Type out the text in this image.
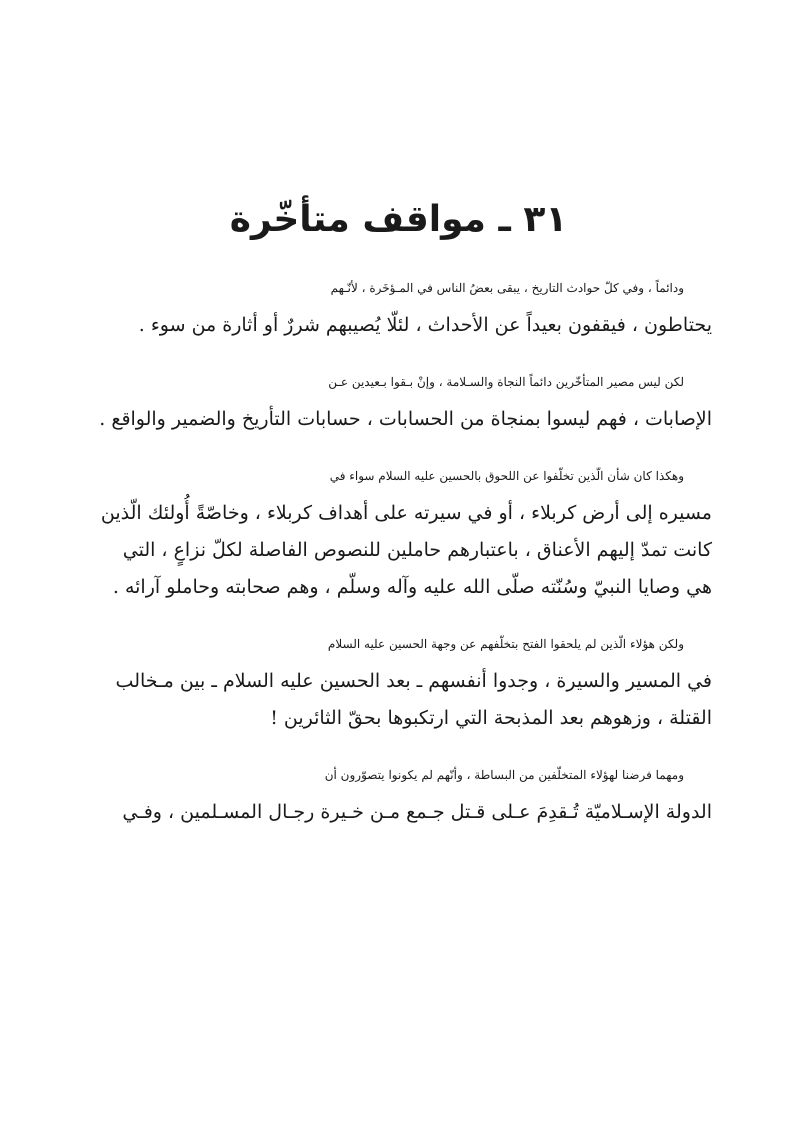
٣١ ـ مواقف متأخّرة

ودائماً ، وفي كلّ حوادث التاريخ ، يبقى بعضُ الناس في المـؤخَرة ، لأنّـهم
يحتاطون ، فيقفون بعيداً عن الأحداث ، لئلّا يُصيبهم شررٌ أو أثارة من سوء .

لكن ليس مصير المتأخّرين دائماً النجاة والسـلامة ، وإنْ بـقوا بـعيدين عـن
الإصابات ، فهم ليسوا بمنجاة من الحسابات ، حسابات التأريخ والضمير والواقع .

وهكذا كان شأن الّذين تخلّفوا عن اللحوق بالحسين عليه السلام سواء في
مسيره إلى أرض كربلاء ، أو في سيرته على أهداف كربلاء ، وخاصّةً أُولئك الّذين
كانت تمدّ إليهم الأعناق ، باعتبارهم حاملين للنصوص الفاصلة لكلّ نزاعٍ ، التي
هي وصايا النبيّ وسُنّته صلّى الله عليه وآله وسلّم ، وهم صحابته وحاملو آرائه .

ولكن هؤلاء الّذين لم يلحقوا الفتح بتخلّفهم عن وجهة الحسين عليه السلام
في المسير والسيرة ، وجدوا أنفسهم ـ بعد الحسين عليه السلام ـ بين مـخالب
القتلة ، وزهوهم بعد المذبحة التي ارتكبوها بحقّ الثائرين !

ومهما فرضنا لهؤلاء المتخلّفين من البساطة ، وأنّهم لم يكونوا يتصوّرون أن
الدولة الإسـلاميّة تُـقدِمَ عـلى قـتل جـمع مـن خـيرة رجـال المسـلمين ، وفـي
